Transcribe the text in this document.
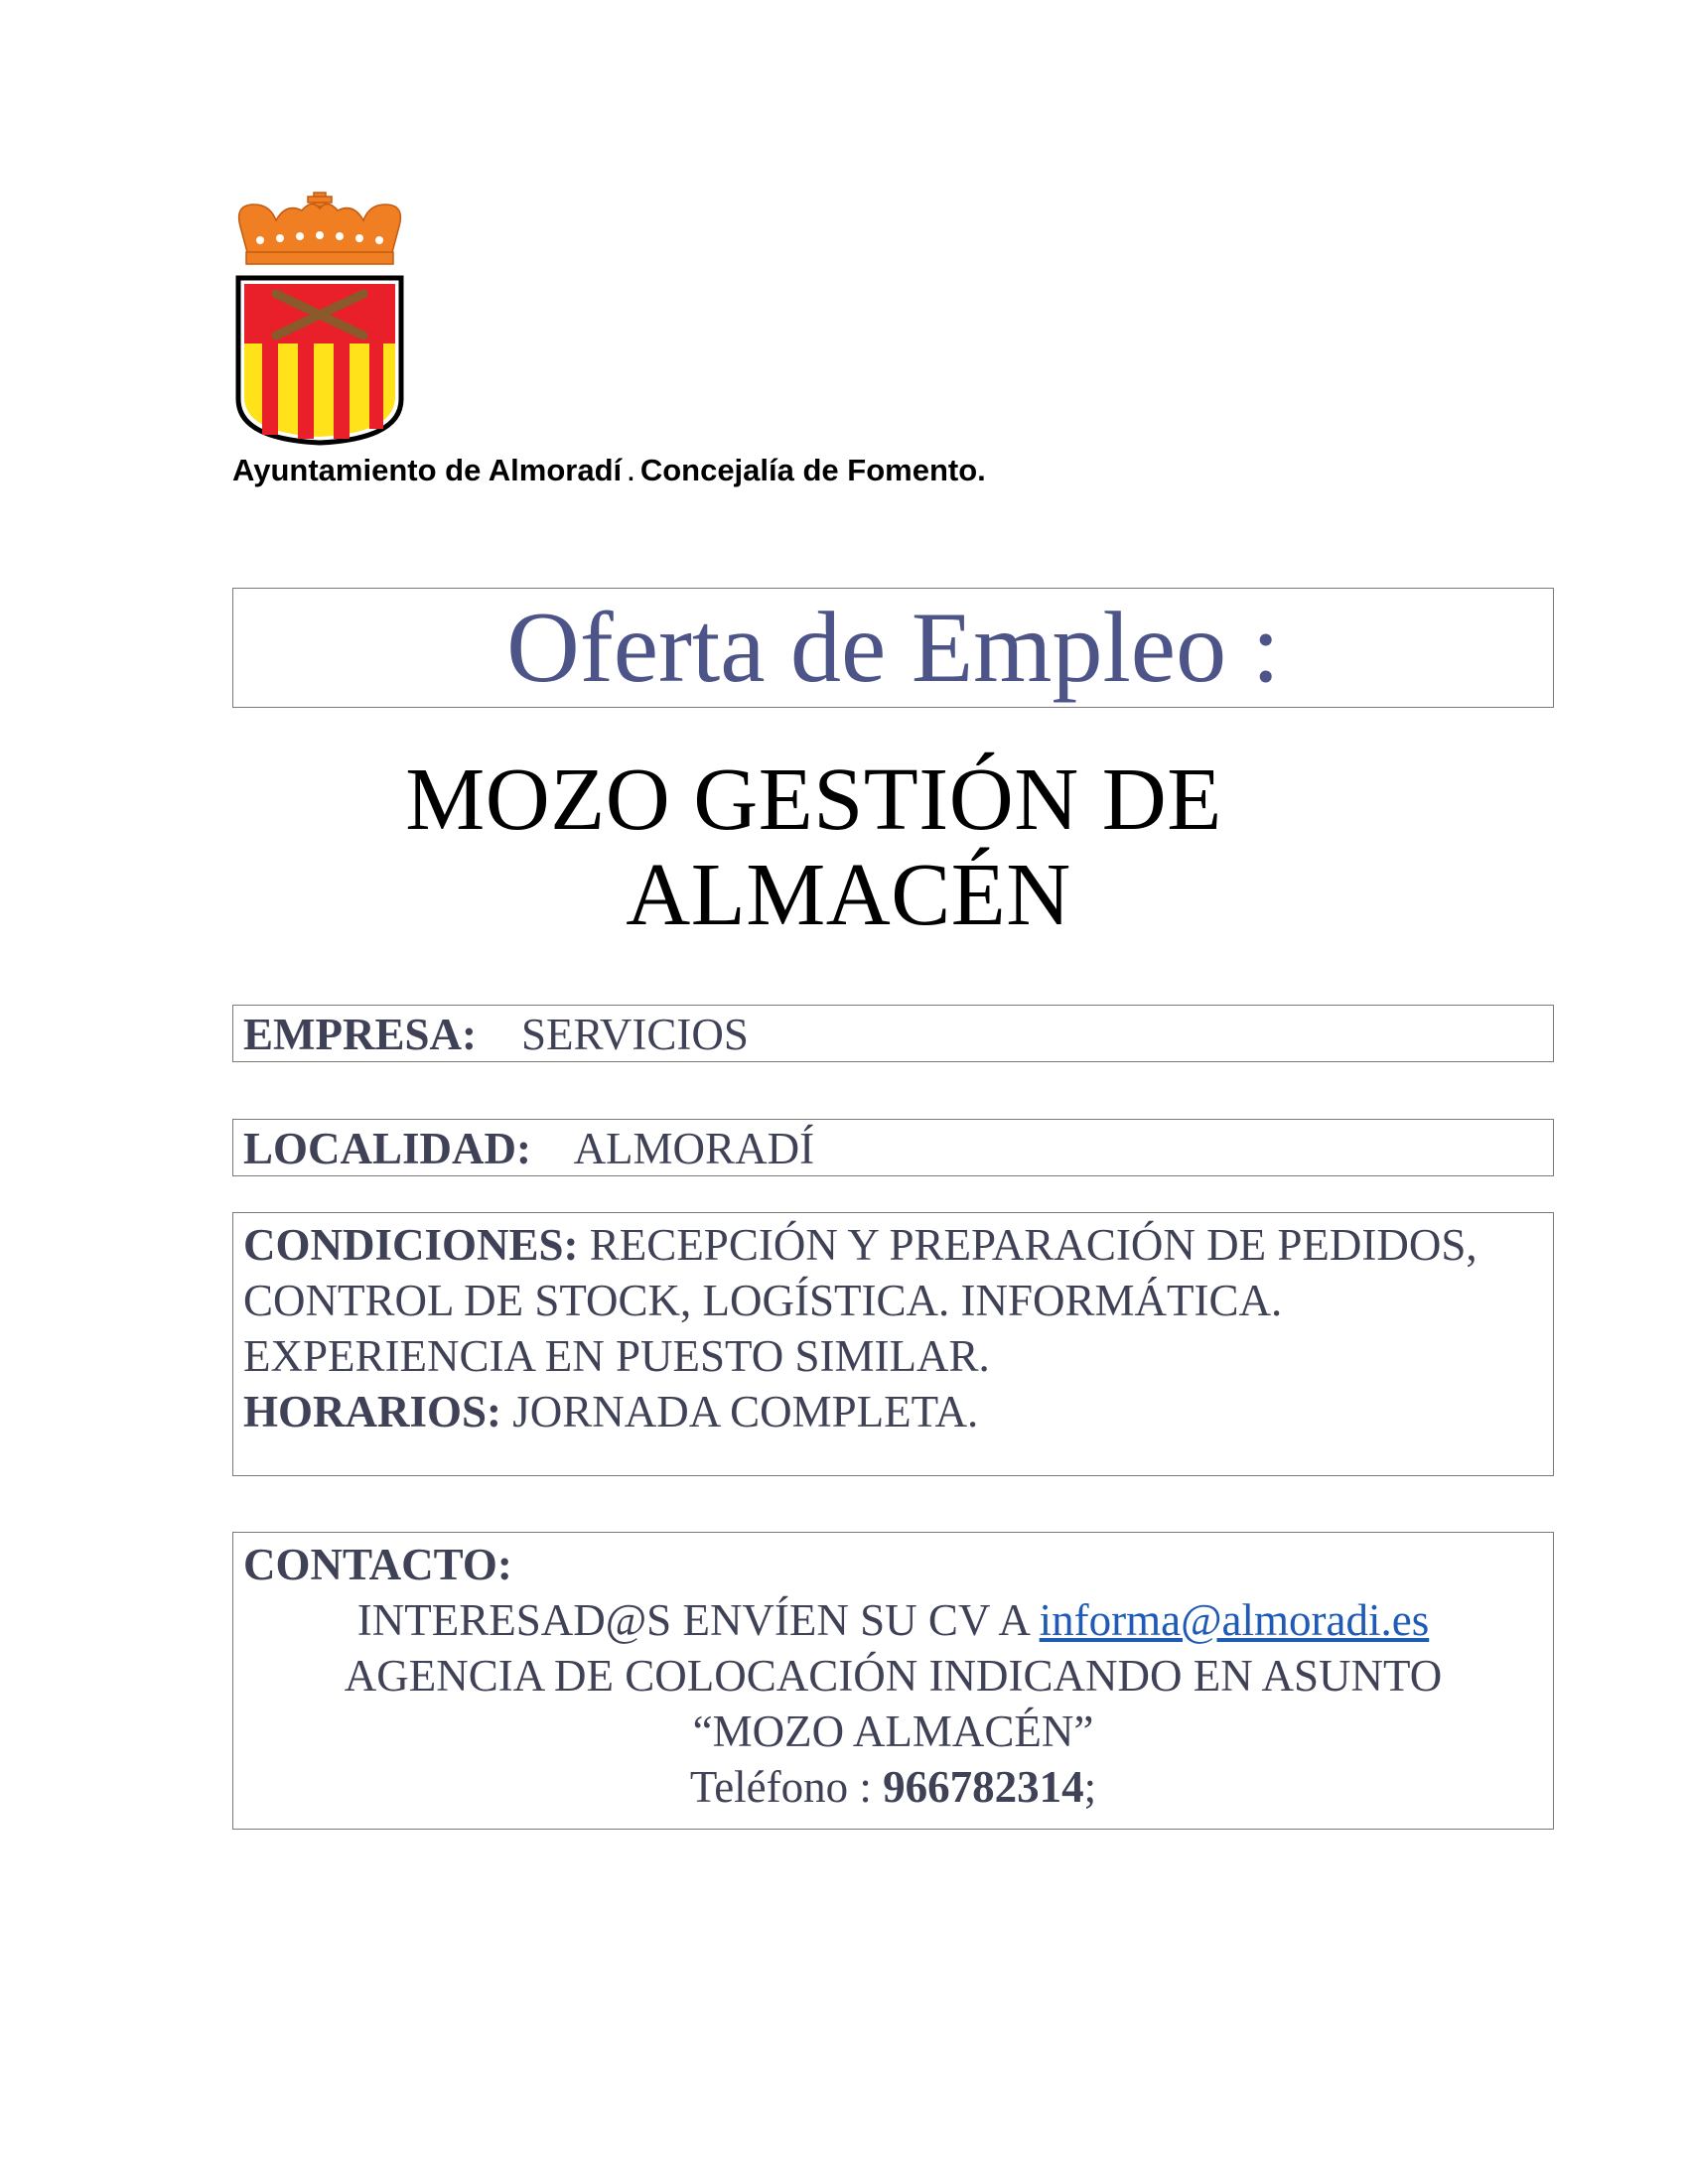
Ayuntamiento de Almoradí . Concejalía de Fomento.
Oferta de Empleo :
MOZO GESTIÓN DE
ALMACÉN
EMPRESA: SERVICIOS
LOCALIDAD: ALMORADÍ
CONDICIONES: RECEPCIÓN Y PREPARACIÓN DE PEDIDOS, CONTROL DE STOCK, LOGÍSTICA. INFORMÁTICA. EXPERIENCIA EN PUESTO SIMILAR.
HORARIOS: JORNADA COMPLETA.
CONTACTO:
INTERESAD@S ENVÍEN SU CV A informa@almoradi.es
AGENCIA DE COLOCACIÓN INDICANDO EN ASUNTO
“MOZO ALMACÉN”
Teléfono : 966782314;
